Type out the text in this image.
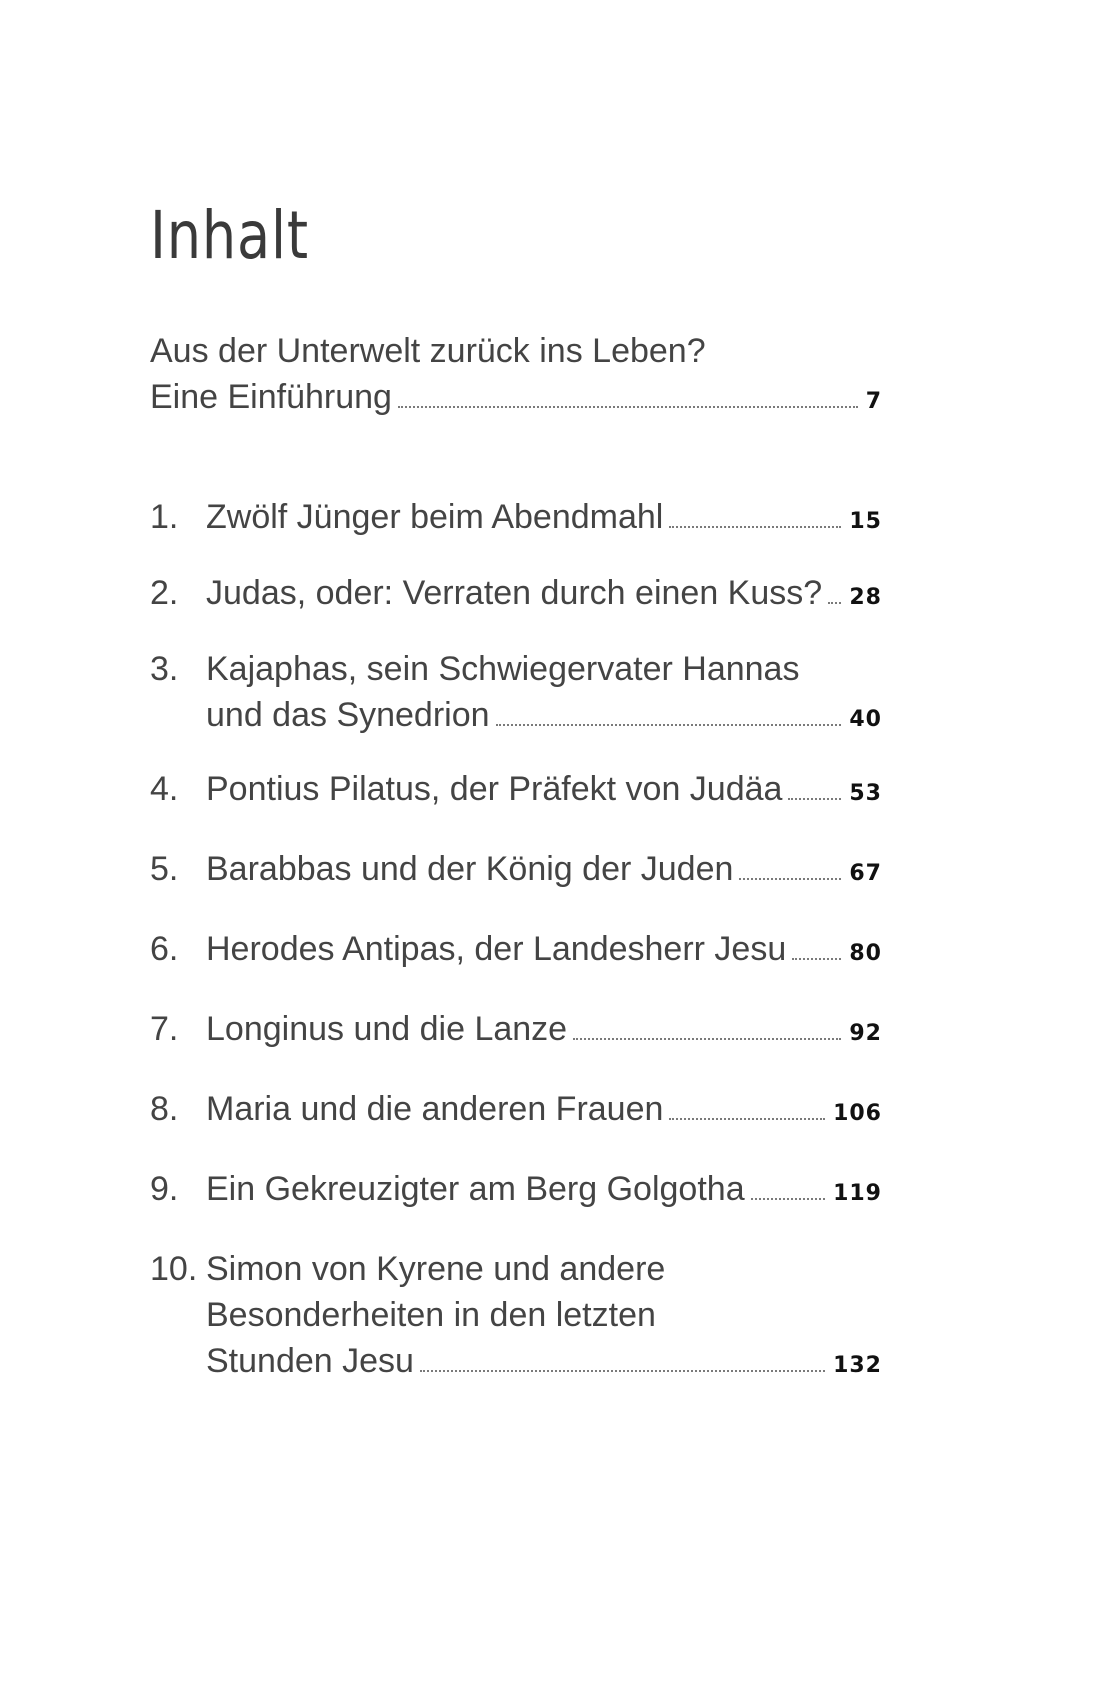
Inhalt
Aus der Unterwelt zurück ins Leben?
Eine Einführung	7
1. Zwölf Jünger beim Abendmahl	15
2. Judas, oder: Verraten durch einen Kuss? 28
3. Kajaphas, sein Schwiegervater Hannas
und das Synedrion	40
4. Pontius Pilatus, der Präfekt von Judäa	53
5. Barabbas und der König der Juden	67
6. Herodes Antipas, der Landesherr Jesu	80
7. Longinus und die Lanze	92
8. Maria und die anderen Frauen	106
9. Ein Gekreuzigter am Berg Golgotha	119
10. Simon von Kyrene und andere
Besonderheiten in den letzten
Stunden Jesu	132
